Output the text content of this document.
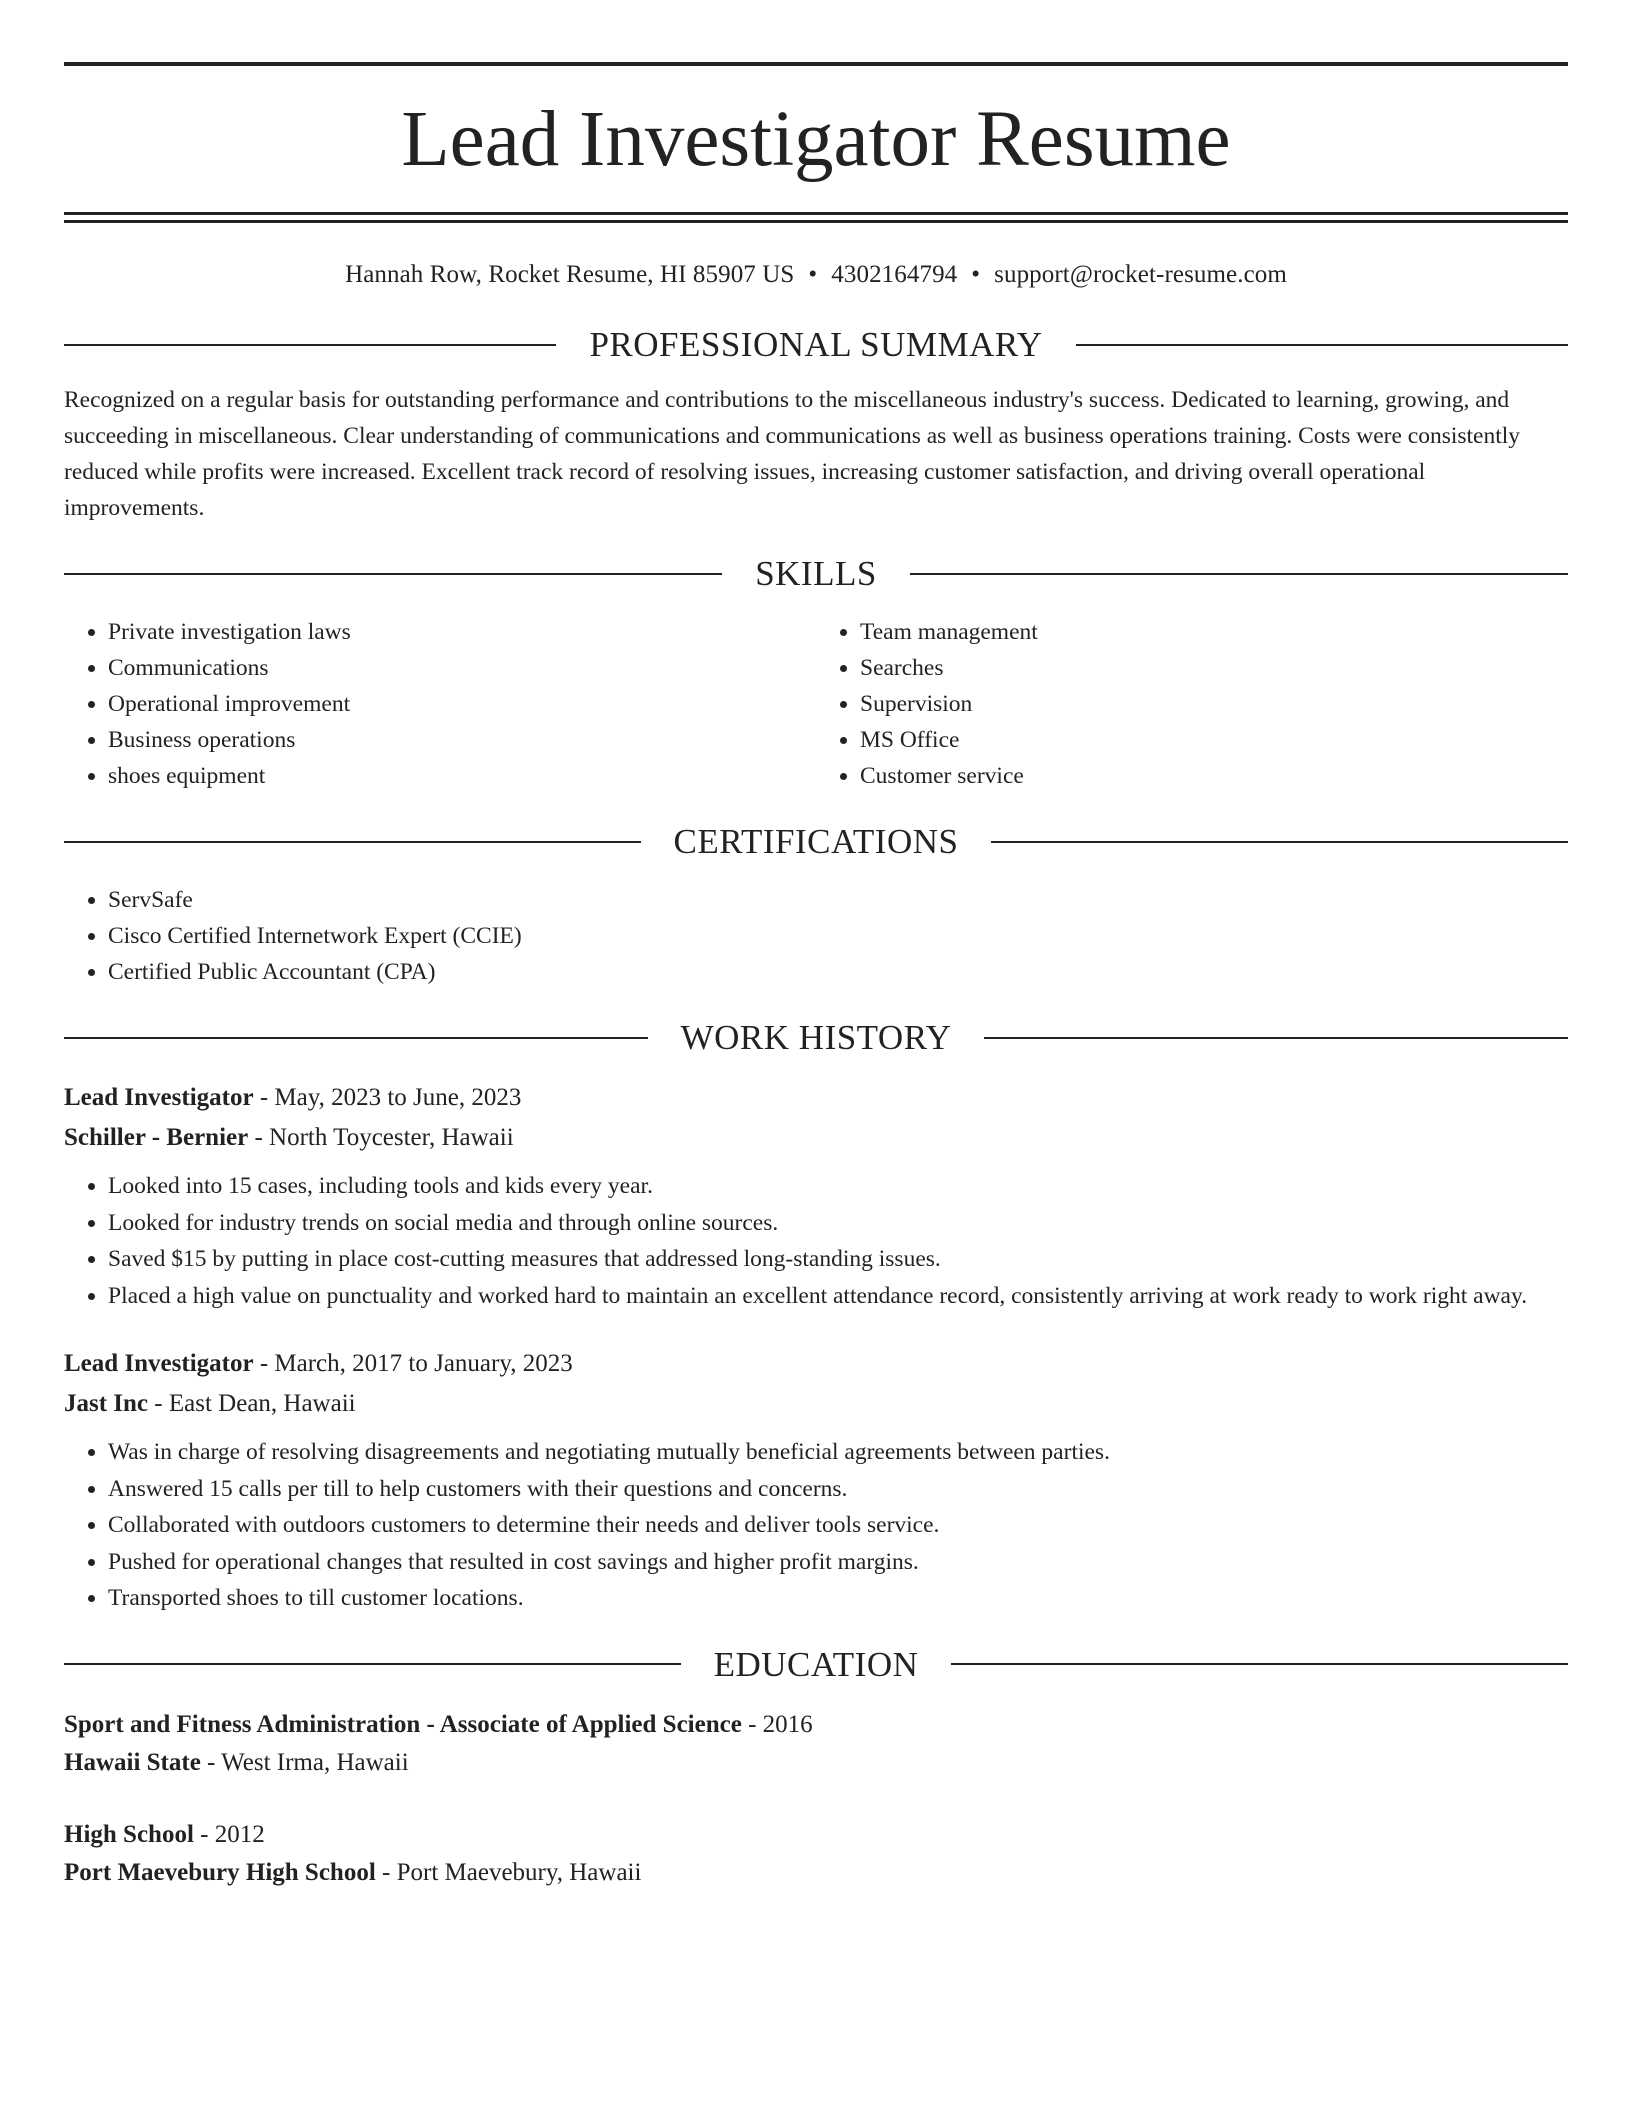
Lead Investigator Resume
Hannah Row, Rocket Resume, HI 85907 US • 4302164794 • support@rocket-resume.com
PROFESSIONAL SUMMARY
Recognized on a regular basis for outstanding performance and contributions to the miscellaneous industry's success. Dedicated to learning, growing, and succeeding in miscellaneous. Clear understanding of communications and communications as well as business operations training. Costs were consistently reduced while profits were increased. Excellent track record of resolving issues, increasing customer satisfaction, and driving overall operational improvements.
SKILLS
• Private investigation laws
• Communications
• Operational improvement
• Business operations
• shoes equipment
• Team management
• Searches
• Supervision
• MS Office
• Customer service
CERTIFICATIONS
• ServSafe
• Cisco Certified Internetwork Expert (CCIE)
• Certified Public Accountant (CPA)
WORK HISTORY
Lead Investigator - May, 2023 to June, 2023
Schiller - Bernier - North Toycester, Hawaii
• Looked into 15 cases, including tools and kids every year.
• Looked for industry trends on social media and through online sources.
• Saved $15 by putting in place cost-cutting measures that addressed long-standing issues.
• Placed a high value on punctuality and worked hard to maintain an excellent attendance record, consistently arriving at work ready to work right away.
Lead Investigator - March, 2017 to January, 2023
Jast Inc - East Dean, Hawaii
• Was in charge of resolving disagreements and negotiating mutually beneficial agreements between parties.
• Answered 15 calls per till to help customers with their questions and concerns.
• Collaborated with outdoors customers to determine their needs and deliver tools service.
• Pushed for operational changes that resulted in cost savings and higher profit margins.
• Transported shoes to till customer locations.
EDUCATION
Sport and Fitness Administration - Associate of Applied Science - 2016
Hawaii State - West Irma, Hawaii
High School - 2012
Port Maevebury High School - Port Maevebury, Hawaii
